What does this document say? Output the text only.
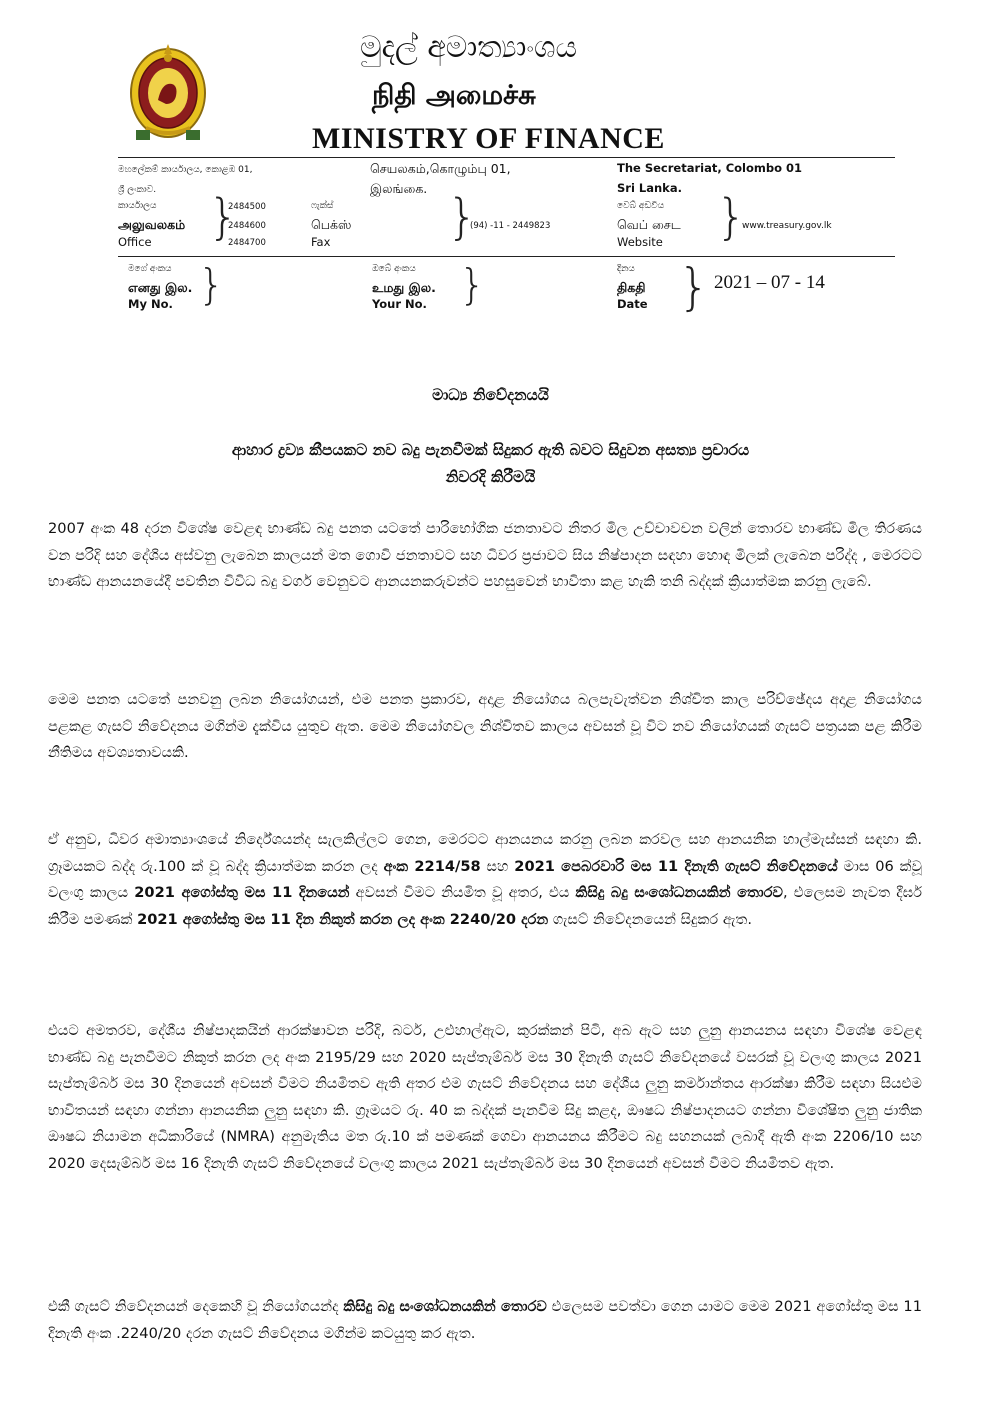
මුදල් අමාත්‍යාංශය
நிதி அமைச்சு
MINISTRY OF FINANCE
මහලේකම් කාර්යාලය, කොළඹ 01,
ශ්‍රී ලංකාව.
செயலகம்,கொழும்பு 01,
இலங்கை.
The Secretariat, Colombo 01
Sri Lanka.
කාර්යාලය
அலுவலகம்
Office }
2484500
2484600
2484700
ෆැක්ස්
பெக்ஸ்
Fax }
(94) -11 - 2449823
වෙබ් අඩවිය
வெப் சைட
Website }
www.treasury.gov.lk
මගේ අංකය
எனது இல.
My No. }	ඔබේ අංකය
உமது இல.
Your No. }	දිනය
திகதி
Date } 2021 – 07 - 14
මාධ්‍ය නිවේදනයයි
ආහාර ද්‍රව්‍ය කීපයකට නව බදු පැනවීමක් සිදුකර ඇති බවට සිදුවන අසත්‍ය ප්‍රචාරය
නිවරදි කිරීමයි
2007 අංක 48 දරන විශේෂ වෙළඳ භාණ්ඩ බදු පනත යටතේ පාරිභෝගික ජනතාවට නිතර මිල උච්චාවචන වලින් තොරව භාණ්ඩ මිල තිරණය වන පරිදි සහ දේශිය අස්වනු ලැබෙන කාලයන් මත ගොවි ජනතාවට සහ ධිවර ප්‍රජාවට සිය නිෂ්පාදන සඳහා හොඳ මිලක් ලැබෙන පරිද්ද , මෙරටට භාණ්ඩ ආනයනයේදී පවතින විවිධ බදු වර්ග වෙනුවට ආනයනකරුවන්ට පහසුවෙන් භාවිතා කළ හැකි තනි බද්දක් ක්‍රියාත්මක කරනු ලැබේ.
මෙම පනත යටතේ පනවනු ලබන නියෝගයන්, එම පනත ප්‍රකාරව, අදාළ නියෝගය බලපැවැත්වන නිශ්චිත කාල පරිච්ඡේදය අදාළ නියෝගය පළකළ ගැසට් නිවේදනය මගින්ම දැක්විය යුතුව ඇත. මෙම නියෝගවල නිශ්චිතව කාලය අවසන් වූ විට නව නියෝගයක් ගැසට් පත්‍රයක පළ කිරීම නීතිමය අවශ්‍යතාවයකි.
ඒ අනුව, ධිවර අමාත්‍යාංශයේ නිර්දේශයන්ද සැලකිල්ලට ගෙන, මෙරටට ආනයනය කරනු ලබන කරවල සහ ආනයනික හාල්මැස්සන් සඳහා කි. ග්‍රෑමයකට බද්ද රු.100 ක් වූ බද්ද ක්‍රියාත්මක කරන ලද අංක 2214/58 සහ 2021 පෙබරවාරි මස 11 දිනැති ගැසට් නිවේදනයේ මාස 06 ක්වූ වලංගු කාලය 2021 අගෝස්තු මස 11 දිනයෙන් අවසන් වීමට නියමිත වූ අතර, එය කිසිදු බදු සංශෝධනයකින් තොරව, එලෙසම නැවත දීර්ඝ කිරීම පමණක් 2021 අගෝස්තු මස 11 දින නිකුත් කරන ලද අංක 2240/20 දරන ගැසට් නිවේදනයෙන් සිදුකර ඇත.
එයට අමතරව, දේශීය නිෂ්පාදකයින් ආරක්ෂාවන පරිදි, බටර්, උළුහාල්ඇට, කුරක්කන් පිටි, අබ ඇට සහ ලුනු ආනයනය සඳහා විශේෂ වෙළඳ භාණ්ඩ බදු පැනවීමට නිකුත් කරන ලද අංක 2195/29 සහ 2020 සැප්තැම්බර් මස 30 දිනැති ගැසට් නිවේදනයේ වසරක් වූ වලංගු කාලය 2021 සැප්තැම්බර් මස 30 දිනයෙන් අවසන් වීමට නියමිතව ඇති අතර එම ගැසට් නිවේදනය සහ දේශීය ලුනු කර්මාන්තය ආරක්ෂා කිරීම සඳහා සියළුම භාවිතයන් සඳහා ගන්නා ආනයනික ලුනු සඳහා කි. ග්‍රෑමයට රු. 40 ක බද්දක් පැනවීම සිදු කළද, ඖෂධ නිෂ්පාදනයට ගන්නා විශේෂිත ලුනු ජාතික ඖෂධ නියාමන අධිකාරියේ (NMRA) අනුමැතිය මත රු.10 ක් පමණක් ගෙවා ආනයනය කිරීමට බදු සහනයක් ලබාදී ඇති අංක 2206/10 සහ 2020 දෙසැම්බර් මස 16 දිනැති ගැසට් නිවේදනයේ වලංගු කාලය 2021 සැප්තැම්බර් මස 30 දිනයෙන් අවසන් වීමට නියමිතව ඇත.
එකී ගැසට් නිවේදනයන් දෙකෙහි වූ නියෝගයන්ද කිසිදු බදු සංශෝධනයකින් තොරව එලෙසම පවත්වා ගෙන යාමට මෙම 2021 අගෝස්තු මස 11 දිනැති අංක .2240/20 දරන ගැසට් නිවේදනය මගින්ම කටයුතු කර ඇත.
